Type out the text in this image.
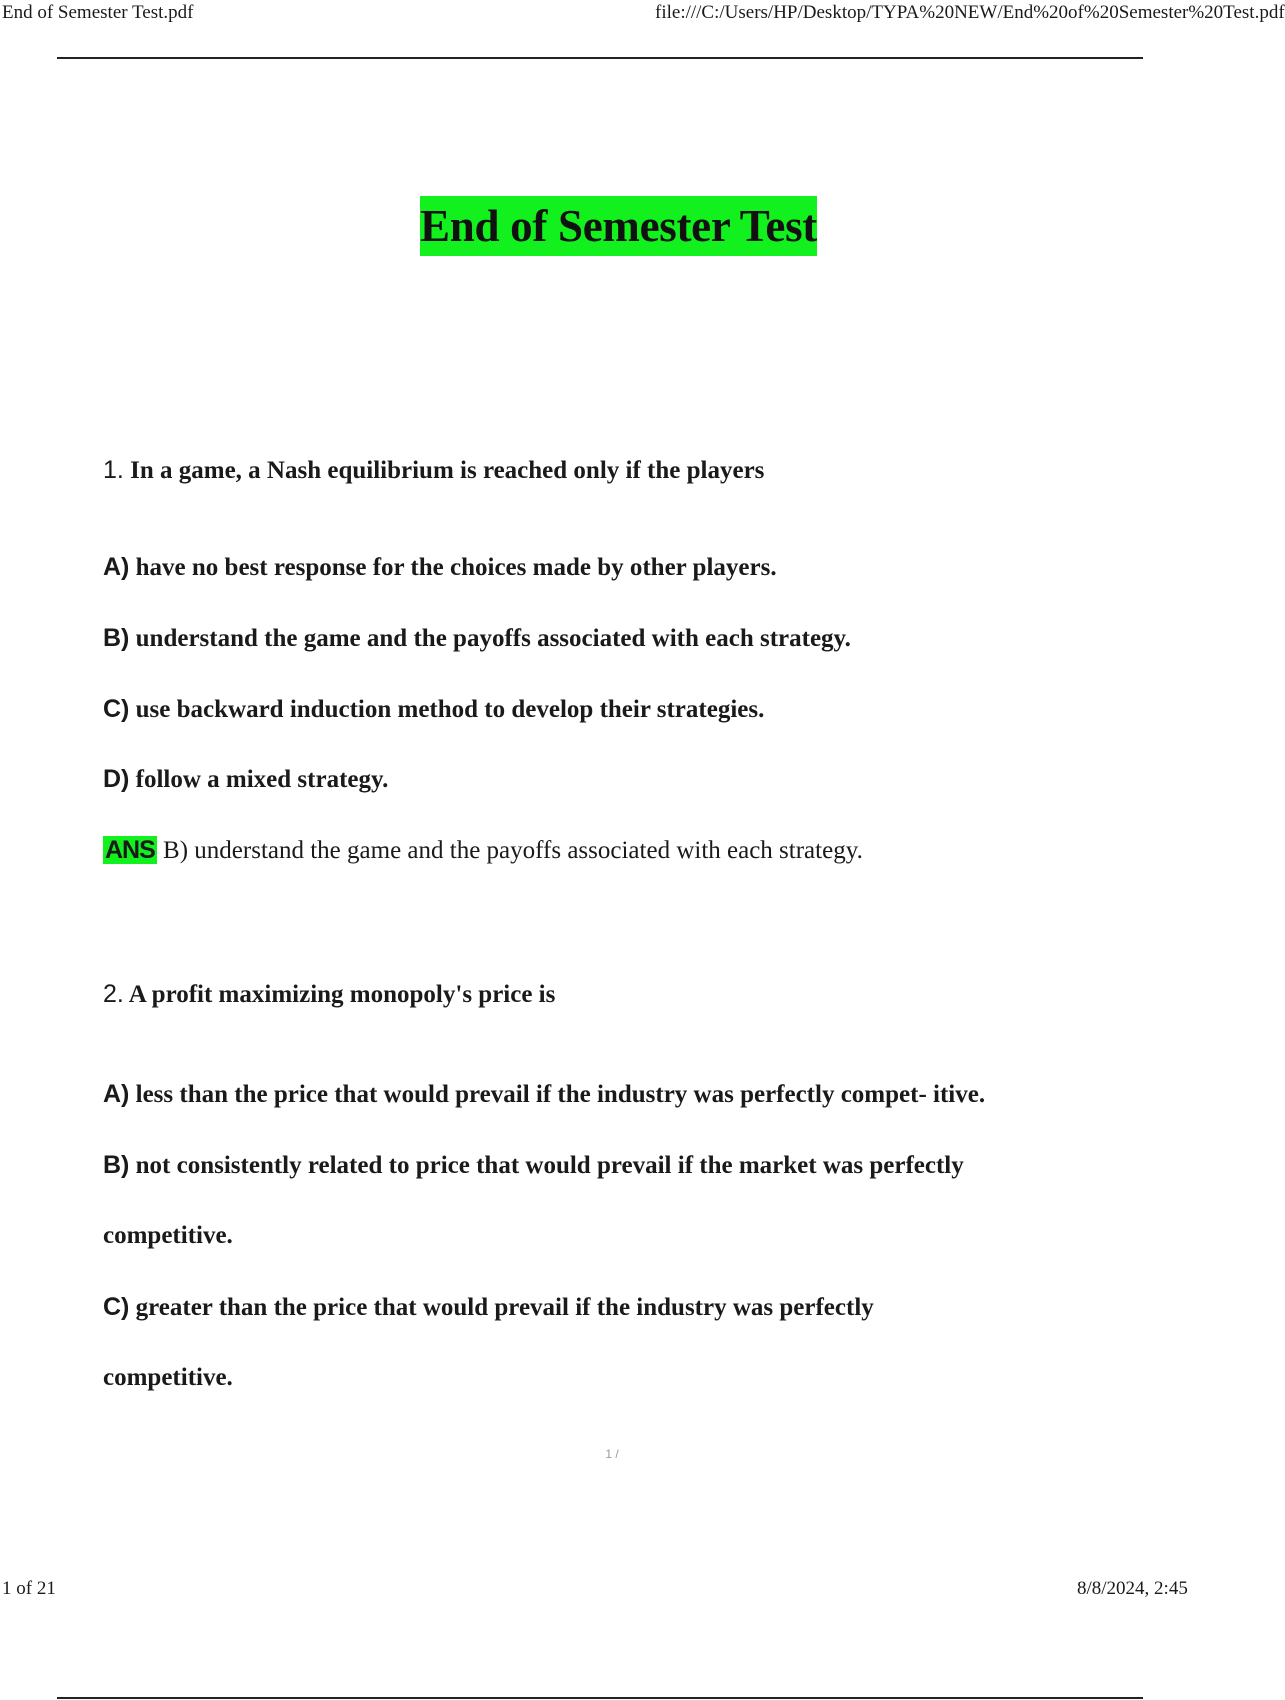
End of Semester Test.pdf	file:///C:/Users/HP/Desktop/TYPA%20NEW/End%20of%20Semester%20Test.pdf
End of Semester Test
1. In a game, a Nash equilibrium is reached only if the players
A) have no best response for the choices made by other players.
B) understand the game and the payoffs associated with each strategy.
C) use backward induction method to develop their strategies.
D) follow a mixed strategy.
ANS B) understand the game and the payoffs associated with each strategy.
2. A profit maximizing monopoly's price is
A) less than the price that would prevail if the industry was perfectly compet- itive.
B) not consistently related to price that would prevail if the market was perfectly
competitive.
C) greater than the price that would prevail if the industry was perfectly
competitive.
1 /
1 of 21	8/8/2024, 2:45
